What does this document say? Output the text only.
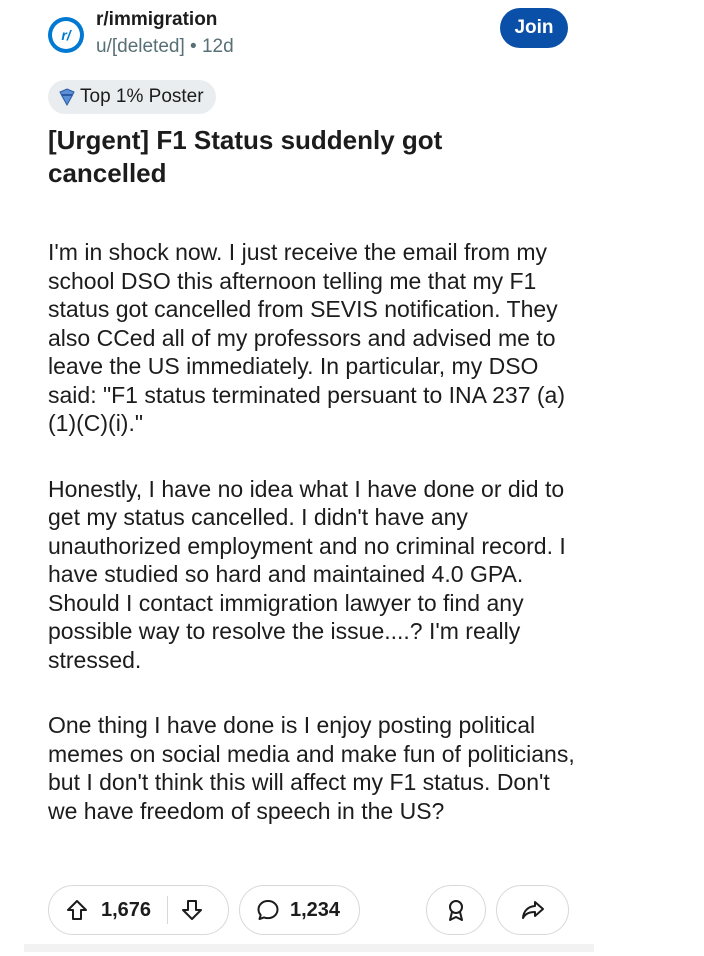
r/
r/immigration
u/[deleted] • 12d
Join
Top 1% Poster
[Urgent] F1 Status suddenly got cancelled

I'm in shock now. I just receive the email from my school DSO this afternoon telling me that my F1 status got cancelled from SEVIS notification. They also CCed all of my professors and advised me to leave the US immediately. In particular, my DSO said: "F1 status terminated persuant to INA 237 (a)(1)(C)(i)."

Honestly, I have no idea what I have done or did to get my status cancelled. I didn't have any unauthorized employment and no criminal record. I have studied so hard and maintained 4.0 GPA. Should I contact immigration lawyer to find any possible way to resolve the issue....? I'm really stressed.

One thing I have done is I enjoy posting political memes on social media and make fun of politicians, but I don't think this will affect my F1 status. Don't we have freedom of speech in the US?

1,676	1,234
